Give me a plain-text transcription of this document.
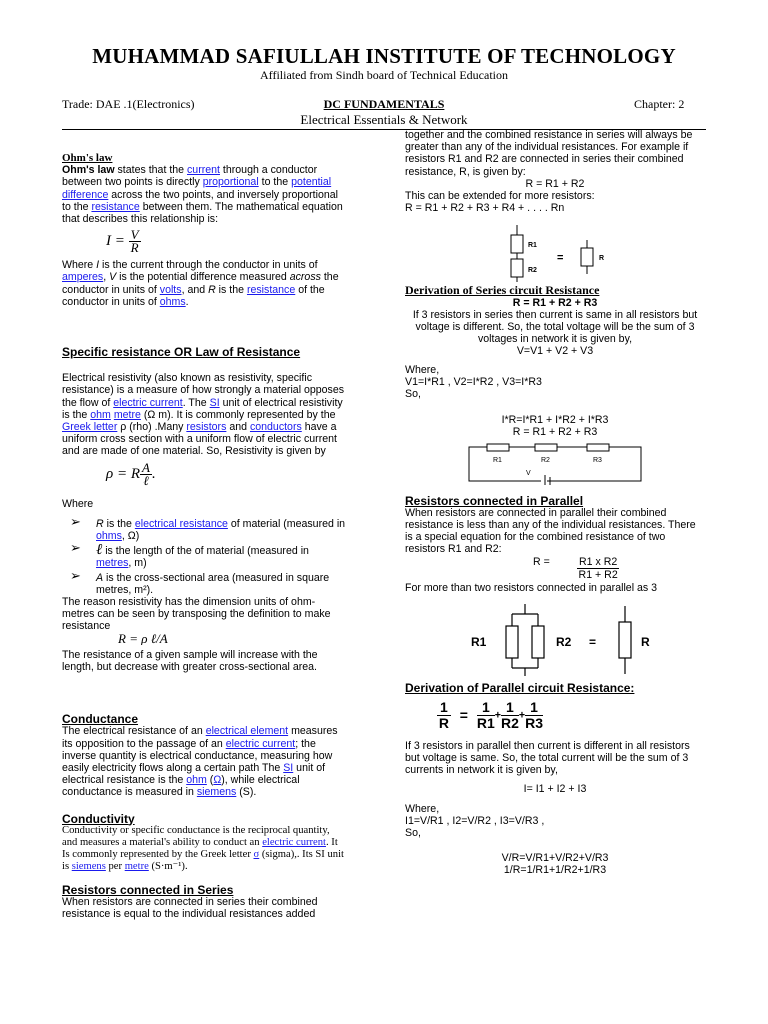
MUHAMMAD SAFIULLAH INSTITUTE OF TECHNOLOGY
Affiliated from Sindh board of Technical Education
Trade: DAE .1(Electronics)	DC FUNDAMENTALS	Chapter: 2
Electrical Essentials & Network

Ohm's law

Ohm's law states that the current through a conductor between two points is directly proportional to the potential difference across the two points, and inversely proportional to the resistance between them. The mathematical equation that describes this relationship is:

$I = \frac{V}{R}$

Where I is the current through the conductor in units of amperes, V is the potential difference measured across the conductor in units of volts, and R is the resistance of the conductor in units of ohms.

Specific resistance OR Law of Resistance

Electrical resistivity (also known as resistivity, specific resistance) is a measure of how strongly a material opposes the flow of electric current. The SI unit of electrical resistivity is the ohm metre (Ω m). It is commonly represented by the Greek letter ρ (rho) .Many resistors and conductors have a uniform cross section with a uniform flow of electric current and are made of one material. So, Resistivity is given by

ρ = R $\frac{A}{\text{ℓ}}$ .

Where

➢ R is the electrical resistance of material (measured in ohms, Ω)
➢ ℓ is the length of the of material (measured in metres, m)
➢ A is the cross-sectional area (measured in square metres, m²).

The reason resistivity has the dimension units of ohm-metres can be seen by transposing the definition to make resistance

R = ρ ℓ/A

The resistance of a given sample will increase with the length, but decrease with greater cross-sectional area.

Conductance

The electrical resistance of an electrical element measures its opposition to the passage of an electric current; the inverse quantity is electrical conductance, measuring how easily electricity flows along a certain path The SI unit of electrical resistance is the ohm (Ω), while electrical conductance is measured in siemens (S).

Conductivity

Conductivity or specific conductance is the reciprocal quantity, and measures a material's ability to conduct an electric current. It Is commonly represented by the Greek letter σ (sigma),. Its SI unit is siemens per metre (S·m⁻¹).

Resistors connected in Series

When resistors are connected in series their combined resistance is equal to the individual resistances added

together and the combined resistance in series will always be greater than any of the individual resistances. For example if resistors R1 and R2 are connected in series their combined resistance, R, is given by:

R = R1 + R2

This can be extended for more resistors:

R = R1 + R2 + R3 + R4 + . . . . Rn

R1
R2
=	R

Derivation of Series circuit Resistance

R = R1 + R2 + R3

If 3 resistors in series then current is same in all resistors but voltage is different. So, the total voltage will be the sum of 3 voltages in network it is given by,

V=V1 + V2 + V3

Where,

V1=I*R1 , V2=I*R2 , V3=I*R3

So,

I*R=I*R1 + I*R2 + I*R3

R = R1 + R2 + R3

R1	R2	R3
V

Resistors connected in Parallel

When resistors are connected in parallel their combined resistance is less than any of the individual resistances. There is a special equation for the combined resistance of two resistors R1 and R2:

R =	$\frac{\text{R1 x R2}}{R1 + R2}$

For more than two resistors connected in parallel as 3

R1	R2 =	R

Derivation of Parallel circuit Resistance:

$\frac{1}{R} = \frac{1}{R1} + \frac{1}{R2} + \frac{1}{R3}$

If 3 resistors in parallel then current is different in all resistors but voltage is same. So, the total current will be the sum of 3 currents in network it is given by,

I= I1 + I2 + I3

Where,

I1=V/R1 , I2=V/R2 , I3=V/R3 ,

So,

V/R=V/R1+V/R2+V/R3

1/R=1/R1+1/R2+1/R3
